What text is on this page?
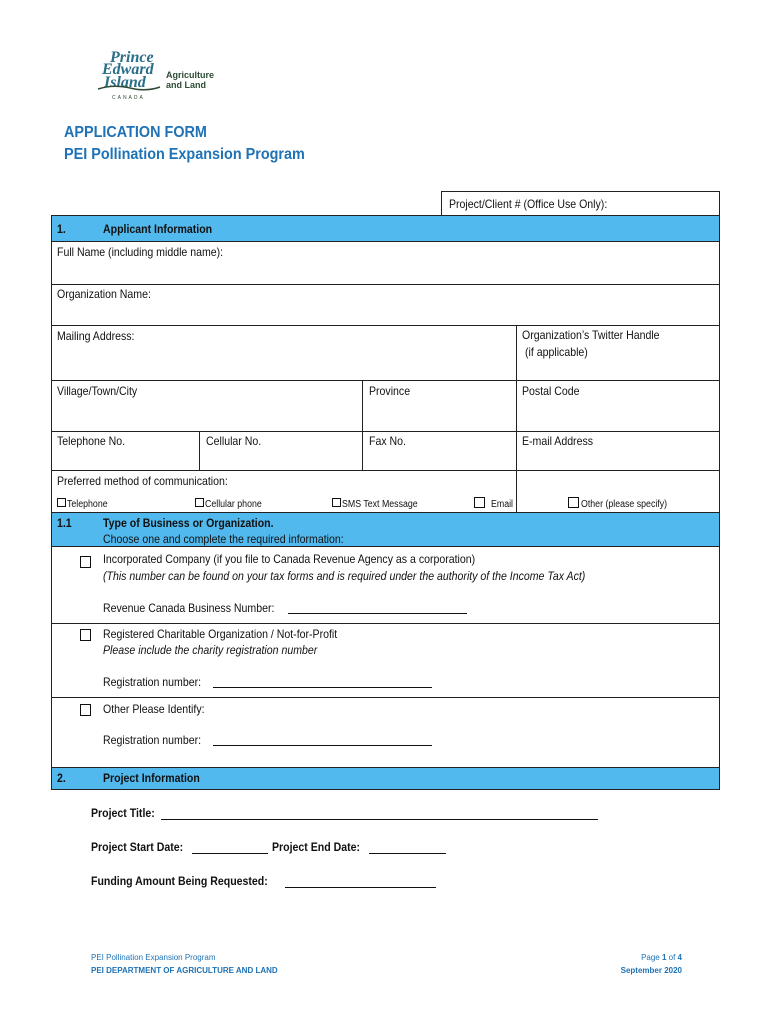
Prince
Edward
Island
CANADA
Agriculture
and Land
APPLICATION FORM
PEI Pollination Expansion Program
Project/Client # (Office Use Only):
1.	Applicant Information
Full Name (including middle name):
Organization Name:
Mailing Address:	Organization’s Twitter Handle
(if applicable)
Village/Town/City	Province	Postal Code
Telephone No.	Cellular No.	Fax No.	E-mail Address
Preferred method of communication:
Telephone	Cellular phone	SMS Text Message	Email	Other (please specify)
1.1	Type of Business or Organization.
Choose one and complete the required information:
Incorporated Company (if you file to Canada Revenue Agency as a corporation)
(This number can be found on your tax forms and is required under the authority of the Income Tax Act)
Revenue Canada Business Number:
Registered Charitable Organization / Not-for-Profit
Please include the charity registration number
Registration number:
Other Please Identify:
Registration number:
2.	Project Information
Project Title:
Project Start Date:	Project End Date:
Funding Amount Being Requested:
PEI Pollination Expansion Program
PEI DEPARTMENT OF AGRICULTURE AND LAND
Page 1 of 4
September 2020
